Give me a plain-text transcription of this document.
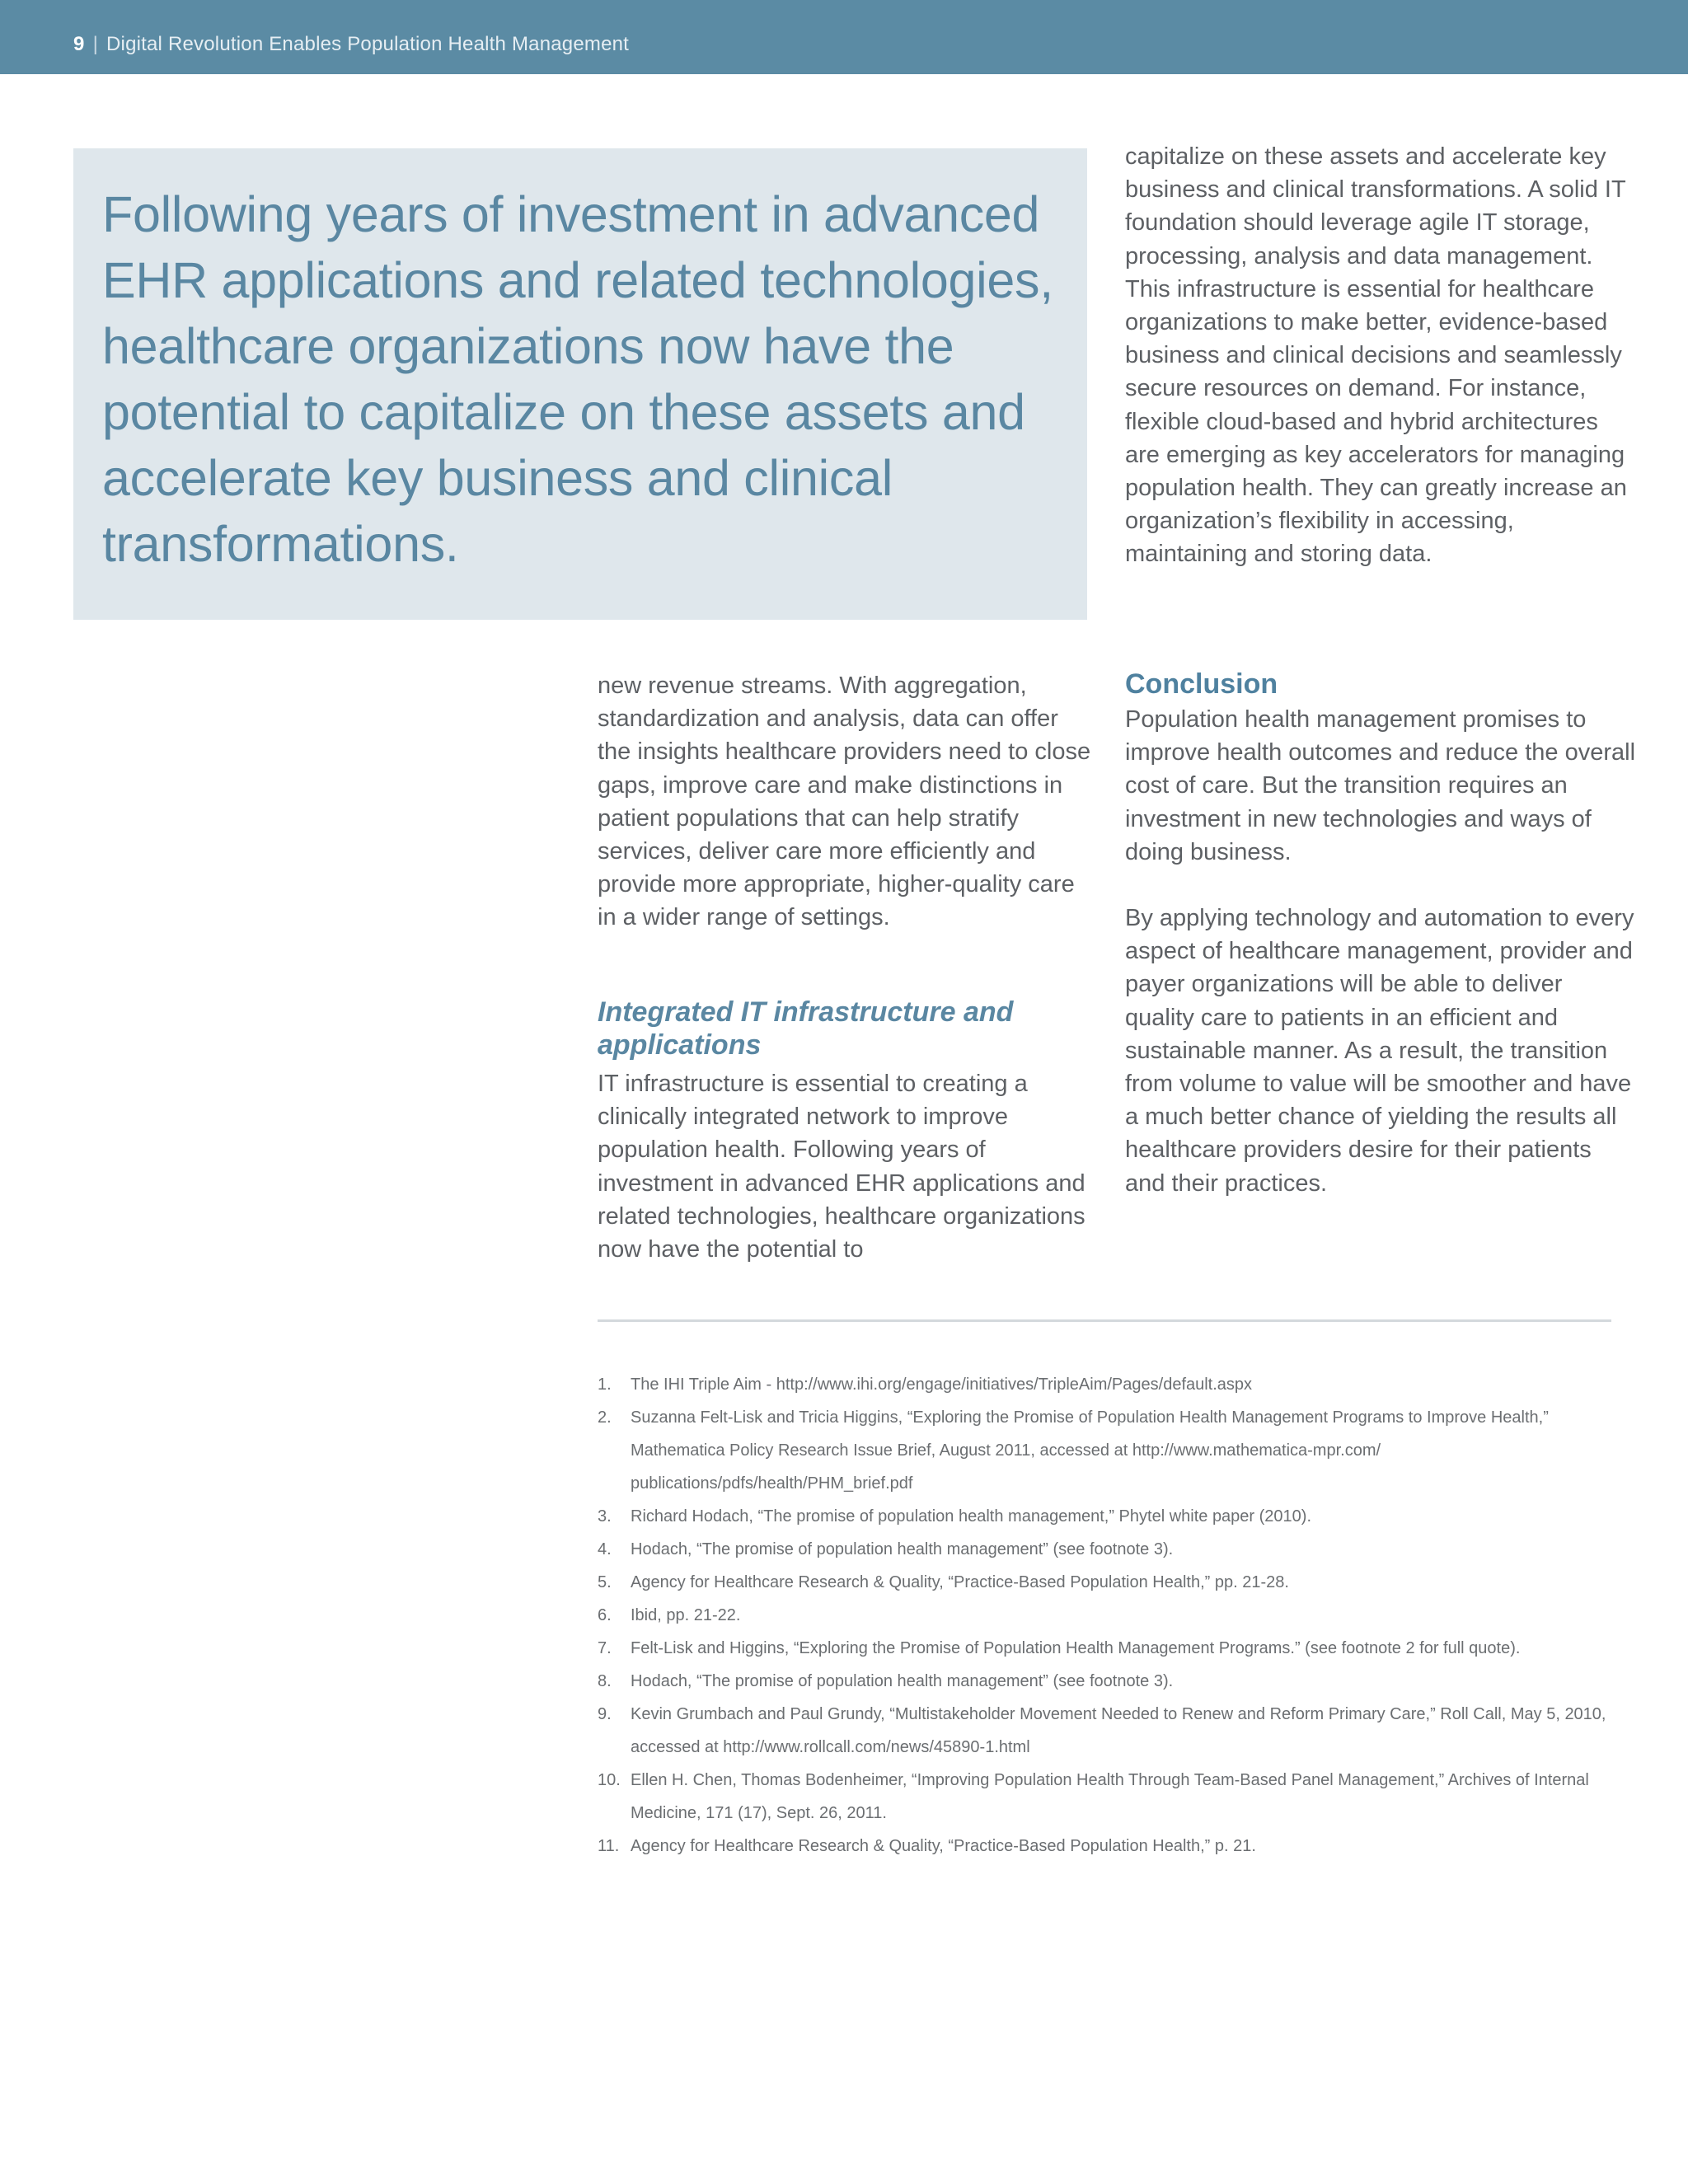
9 | Digital Revolution Enables Population Health Management
Following years of investment in advanced EHR applications and related technologies, healthcare organizations now have the potential to capitalize on these assets and accelerate key business and clinical transformations.

new revenue streams. With aggregation, standardization and analysis, data can offer the insights healthcare providers need to close gaps, improve care and make distinctions in patient populations that can help stratify services, deliver care more efficiently and provide more appropriate, higher-quality care in a wider range of settings.

Integrated IT infrastructure and applications

IT infrastructure is essential to creating a clinically integrated network to improve population health. Following years of investment in advanced EHR applications and related technologies, healthcare organizations now have the potential to

capitalize on these assets and accelerate key business and clinical transformations. A solid IT foundation should leverage agile IT storage, processing, analysis and data management. This infrastructure is essential for healthcare organizations to make better, evidence-based business and clinical decisions and seamlessly secure resources on demand. For instance, flexible cloud-based and hybrid architectures are emerging as key accelerators for managing population health. They can greatly increase an organization’s flexibility in accessing, maintaining and storing data.

Conclusion

Population health management promises to improve health outcomes and reduce the overall cost of care. But the transition requires an investment in new technologies and ways of doing business.

By applying technology and automation to every aspect of healthcare management, provider and payer organizations will be able to deliver quality care to patients in an efficient and sustainable manner. As a result, the transition from volume to value will be smoother and have a much better chance of yielding the results all healthcare providers desire for their patients and their practices.

1. The IHI Triple Aim - http://www.ihi.org/engage/initiatives/TripleAim/Pages/default.aspx
2. Suzanna Felt-Lisk and Tricia Higgins, “Exploring the Promise of Population Health Management Programs to Improve Health,” Mathematica Policy Research Issue Brief, August 2011, accessed at http://www.mathematica-mpr.com/ publications/pdfs/health/PHM_brief.pdf
3. Richard Hodach, “The promise of population health management,” Phytel white paper (2010).
4. Hodach, “The promise of population health management” (see footnote 3).
5. Agency for Healthcare Research & Quality, “Practice-Based Population Health,” pp. 21-28.
6. Ibid, pp. 21-22.
7. Felt-Lisk and Higgins, “Exploring the Promise of Population Health Management Programs.” (see footnote 2 for full quote).
8. Hodach, “The promise of population health management” (see footnote 3).
9. Kevin Grumbach and Paul Grundy, “Multistakeholder Movement Needed to Renew and Reform Primary Care,” Roll Call, May 5, 2010, accessed at http://www.rollcall.com/news/45890-1.html
10. Ellen H. Chen, Thomas Bodenheimer, “Improving Population Health Through Team-Based Panel Management,” Archives of Internal Medicine, 171 (17), Sept. 26, 2011.
11. Agency for Healthcare Research & Quality, “Practice-Based Population Health,” p. 21.
